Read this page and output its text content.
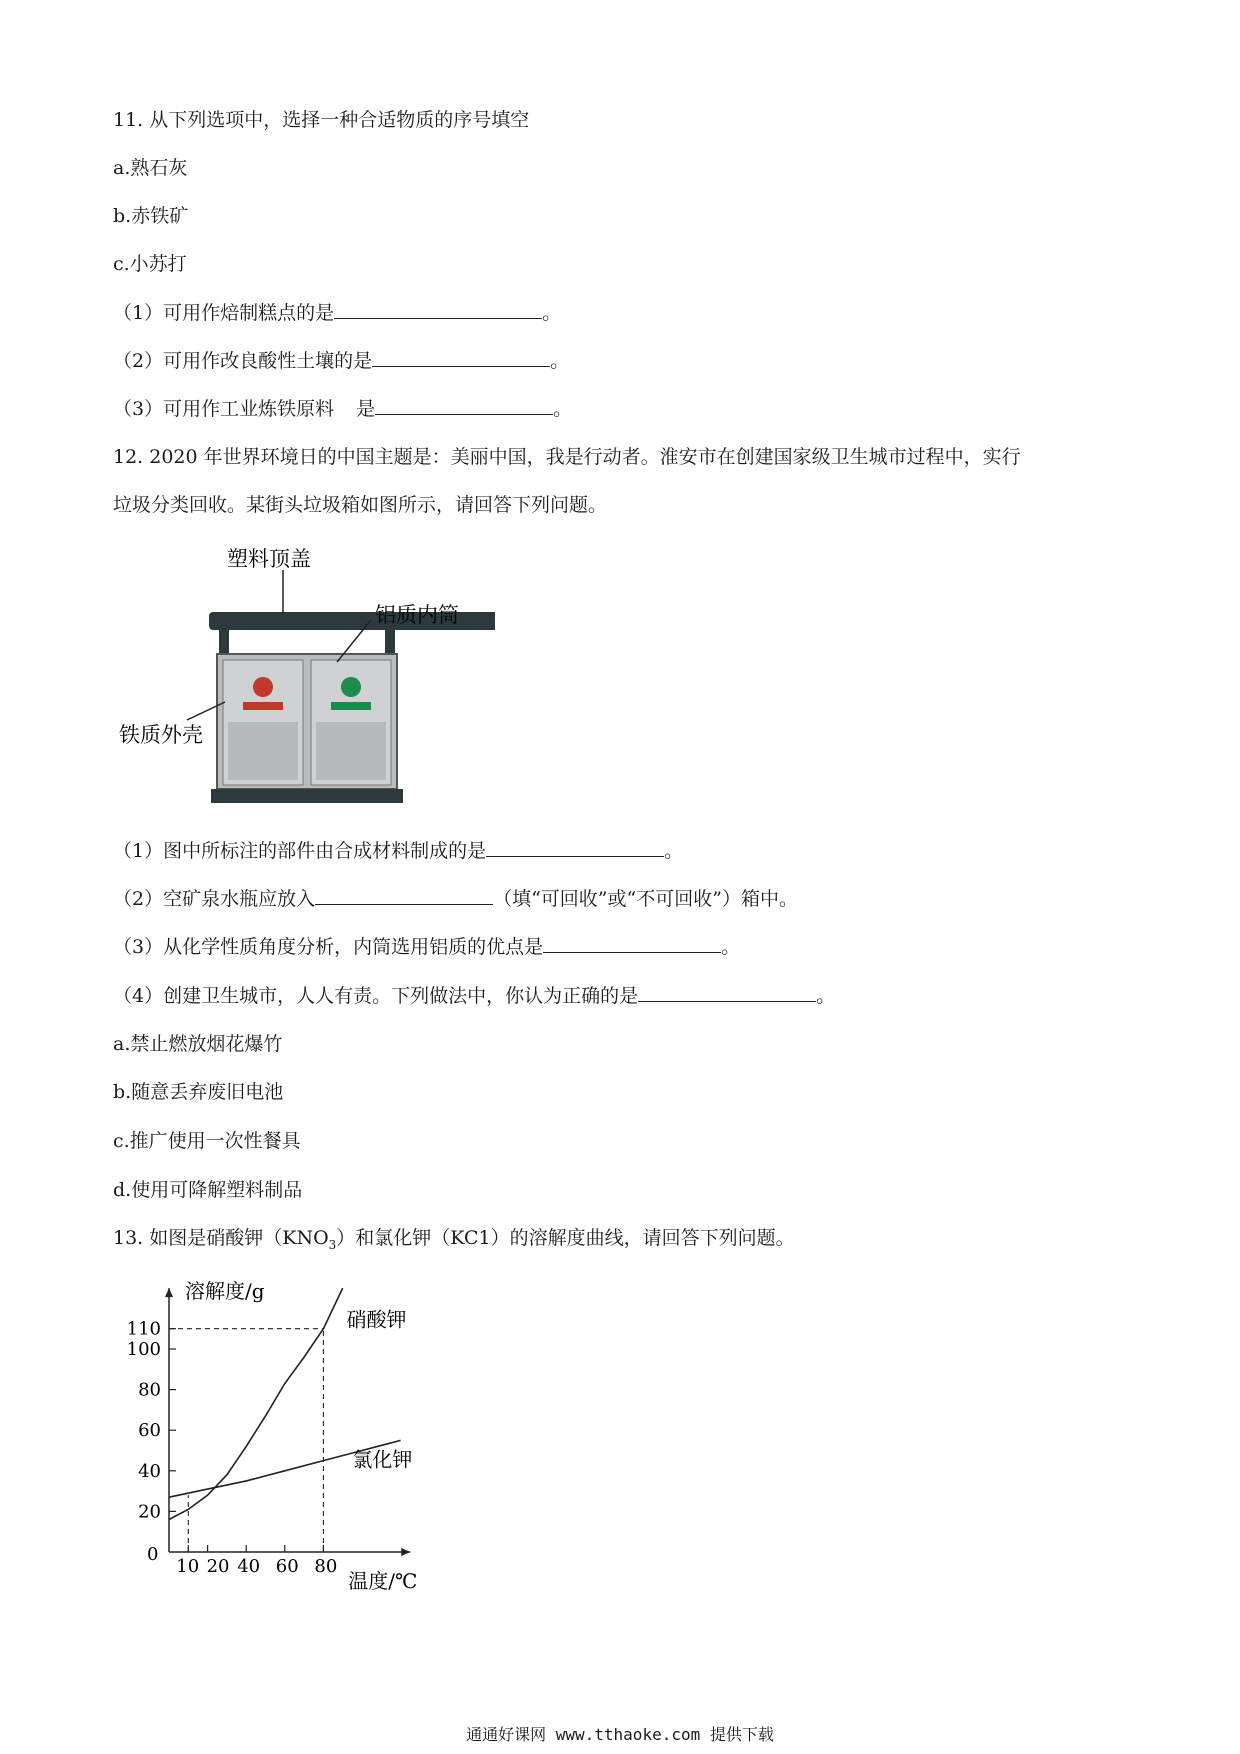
11. 从下列选项中，选择一种合适物质的序号填空
a.熟石灰
b.赤铁矿
c.小苏打
（1）可用作焙制糕点的是	。
（2）可用作改良酸性土壤的是	。
（3）可用作工业炼铁原料 是	。
12. 2020 年世界环境日的中国主题是：美丽中国，我是行动者。淮安市在创建国家级卫生城市过程中，实行
垃圾分类回收。某街头垃圾箱如图所示，请回答下列问题。
塑料顶盖
铝质内筒
铁质外壳
（1）图中所标注的部件由合成材料制成的是	。
（2）空矿泉水瓶应放入	（填“可回收”或“不可回收”）箱中。
（3）从化学性质角度分析，内筒选用铝质的优点是	。
（4）创建卫生城市，人人有责。下列做法中，你认为正确的是	。
a.禁止燃放烟花爆竹
b.随意丢弃废旧电池
c.推广使用一次性餐具
d.使用可降解塑料制品
13. 如图是硝酸钾$(KNO_3)$和氯化钾（KC1）的溶解度曲线，请回答下列问题。
溶解度/g
温度/℃
0
10 20 40 60 80
20
40
60
80
100
110	硝酸钾
氯化钾
通通好课网 www.tthaoke.com 提供下载
